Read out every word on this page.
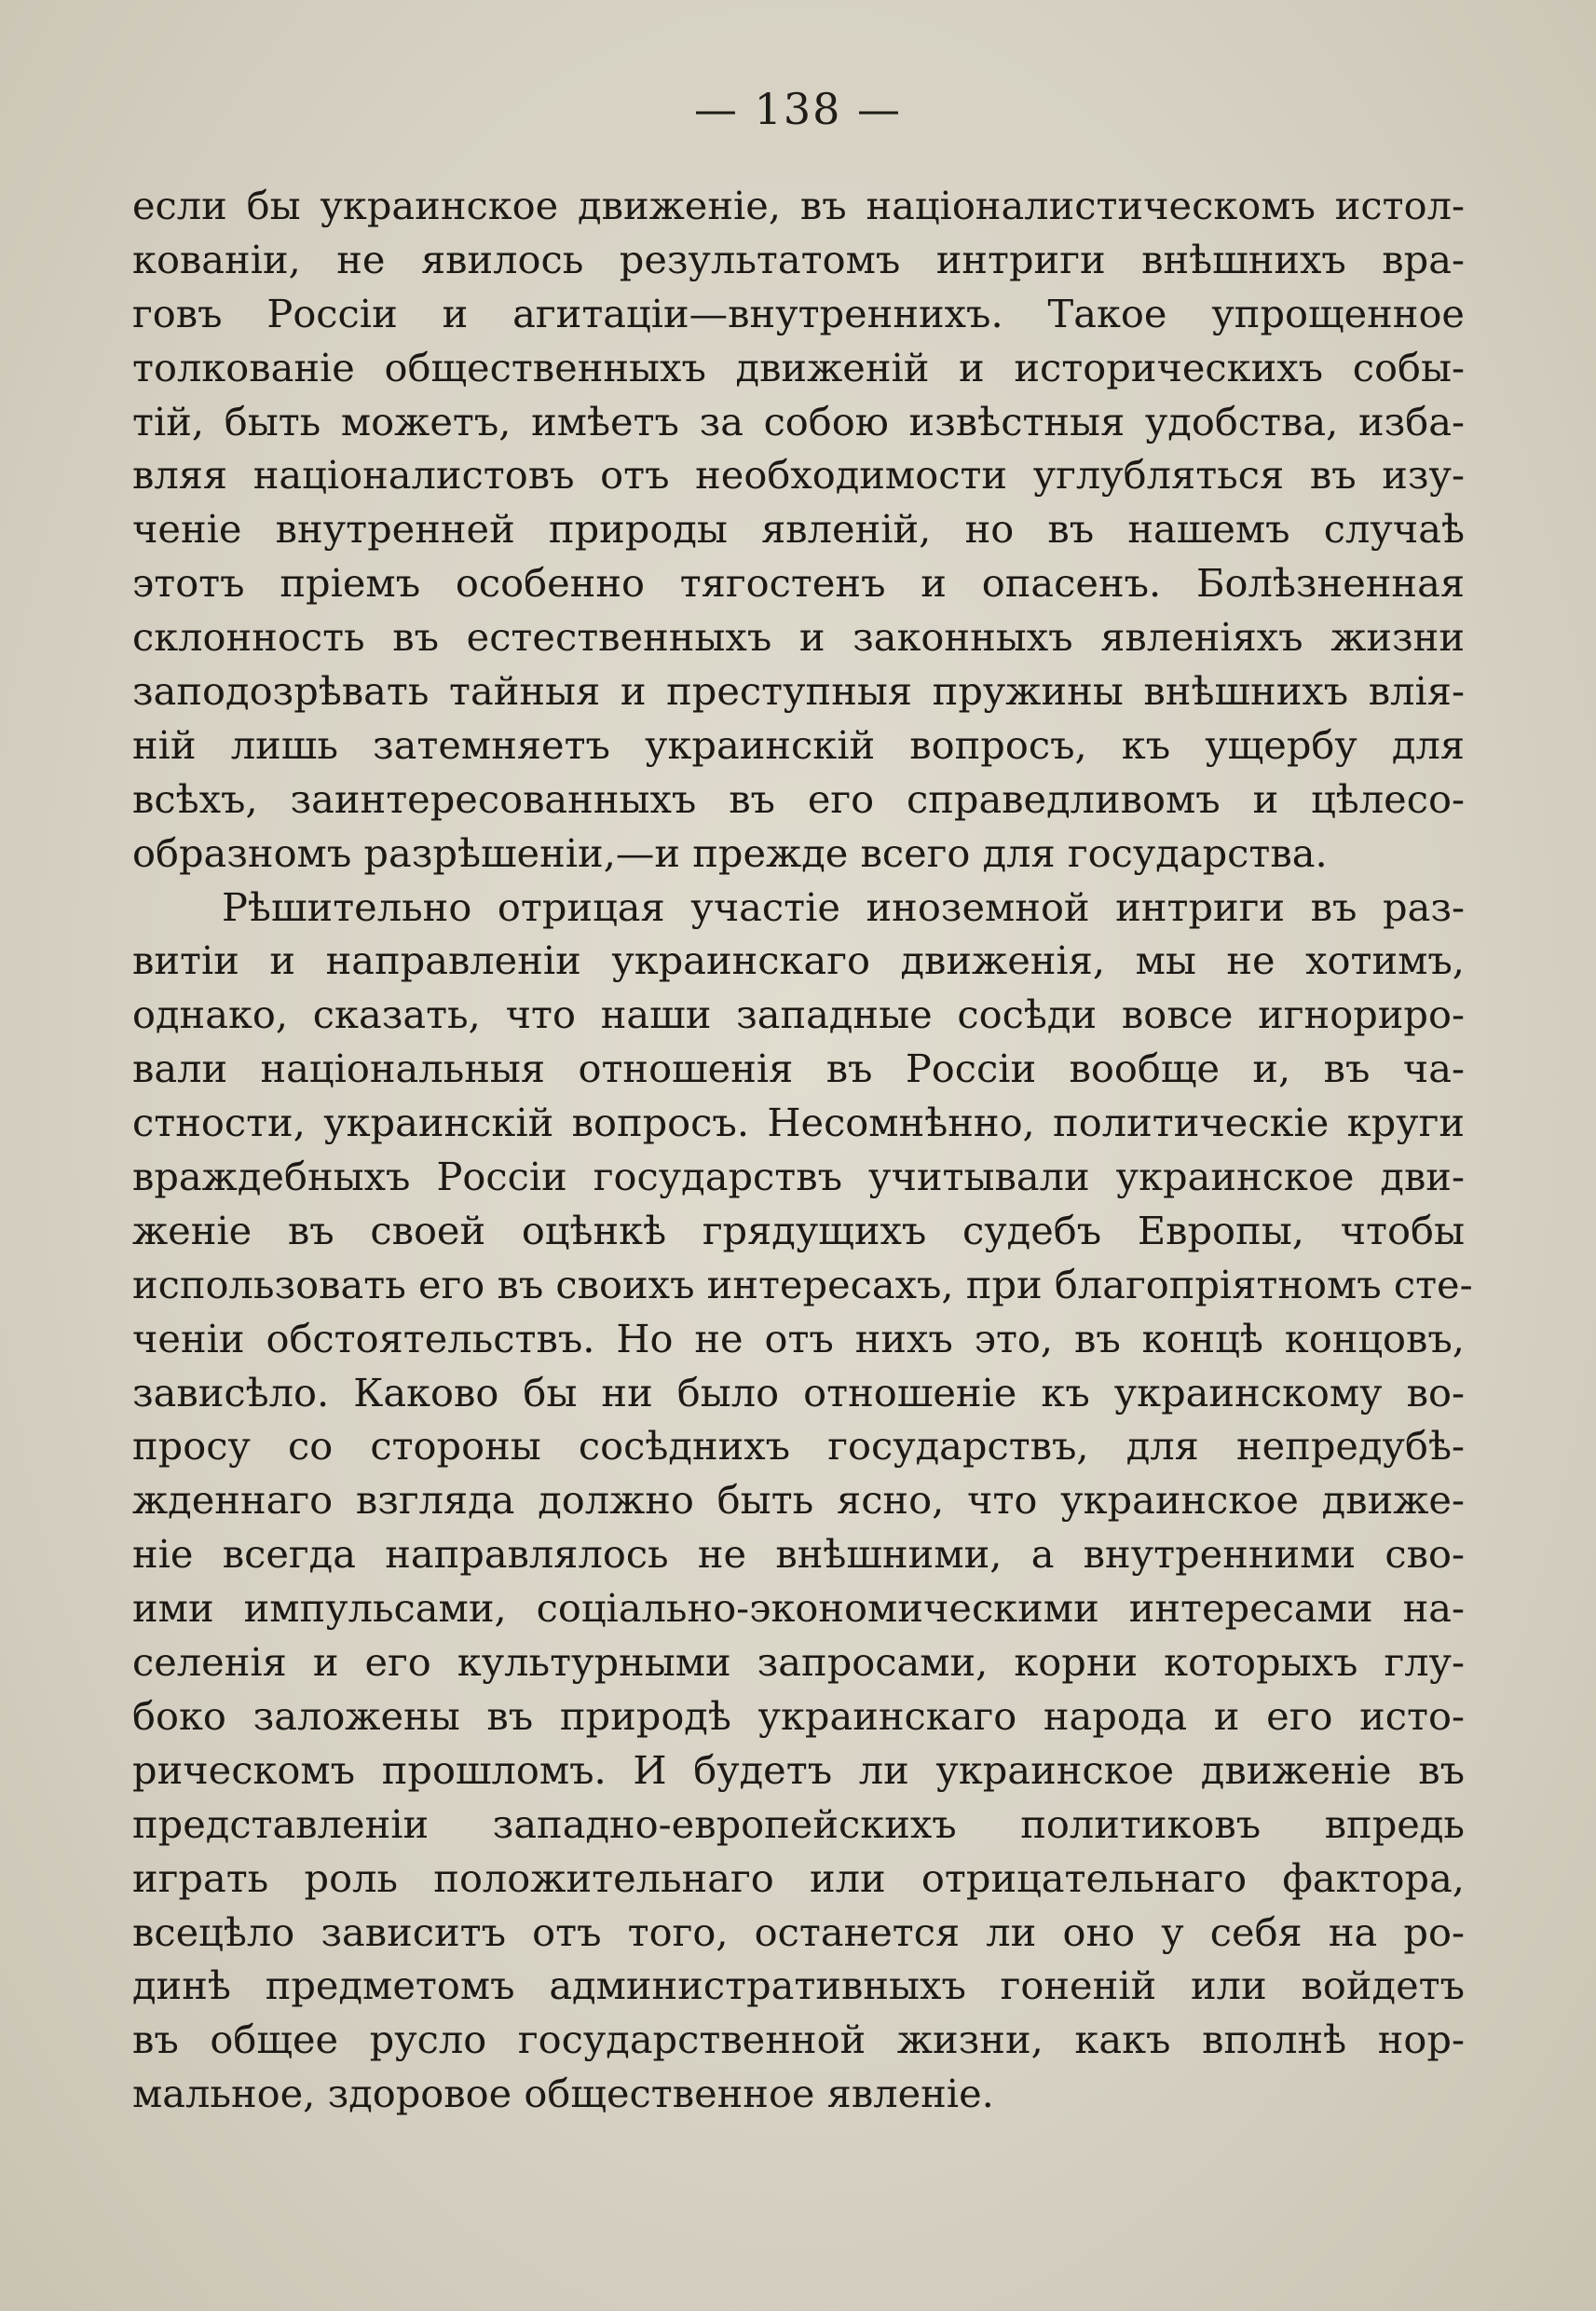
— 138 —
если бы украинское движенiе, въ нацiоналистическомъ истол-
кованiи, не явилось результатомъ интриги внѣшнихъ вра-
говъ Россiи и агитацiи—внутреннихъ. Такое упрощенное
толкованiе общественныхъ движенiй и историческихъ собы-
тiй, быть можетъ, имѣетъ за собою извѣстныя удобства, изба-
вляя нацiоналистовъ отъ необходимости углубляться въ изу-
ченiе внутренней природы явленiй, но въ нашемъ случаѣ
этотъ прiемъ особенно тягостенъ и опасенъ. Болѣзненная
склонность въ естественныхъ и законныхъ явленiяхъ жизни
заподозрѣвать тайныя и преступныя пружины внѣшнихъ влiя-
нiй лишь затемняетъ украинскiй вопросъ, къ ущербу для
всѣхъ, заинтересованныхъ въ его справедливомъ и цѣлесо-
образномъ разрѣшенiи,—и прежде всего для государства.
Рѣшительно отрицая участiе иноземной интриги въ раз-
витiи и направленiи украинскаго движенiя, мы не хотимъ,
однако, сказать, что наши западные сосѣди вовсе игнориро-
вали нацiональныя отношенiя въ Россiи вообще и, въ ча-
стности, украинскiй вопросъ. Несомнѣнно, политическiе круги
враждебныхъ Россiи государствъ учитывали украинское дви-
женiе въ своей оцѣнкѣ грядущихъ судебъ Европы, чтобы
использовать его въ своихъ интересахъ, при благопрiятномъ сте-
ченiи обстоятельствъ. Но не отъ нихъ это, въ концѣ концовъ,
зависѣло. Каково бы ни было отношенiе къ украинскому во-
просу со стороны сосѣднихъ государствъ, для непредубѣ-
жденнаго взгляда должно быть ясно, что украинское движе-
нiе всегда направлялось не внѣшними, а внутренними сво-
ими импульсами, соцiально-экономическими интересами на-
селенiя и его культурными запросами, корни которыхъ глу-
боко заложены въ природѣ украинскаго народа и его исто-
рическомъ прошломъ. И будетъ ли украинское движенiе въ
представленiи западно-европейскихъ политиковъ впредь
играть роль положительнаго или отрицательнаго фактора,
всецѣло зависитъ отъ того, останется ли оно у себя на ро-
динѣ предметомъ административныхъ гоненiй или войдетъ
въ общее русло государственной жизни, какъ вполнѣ нор-
мальное, здоровое общественное явленiе.
